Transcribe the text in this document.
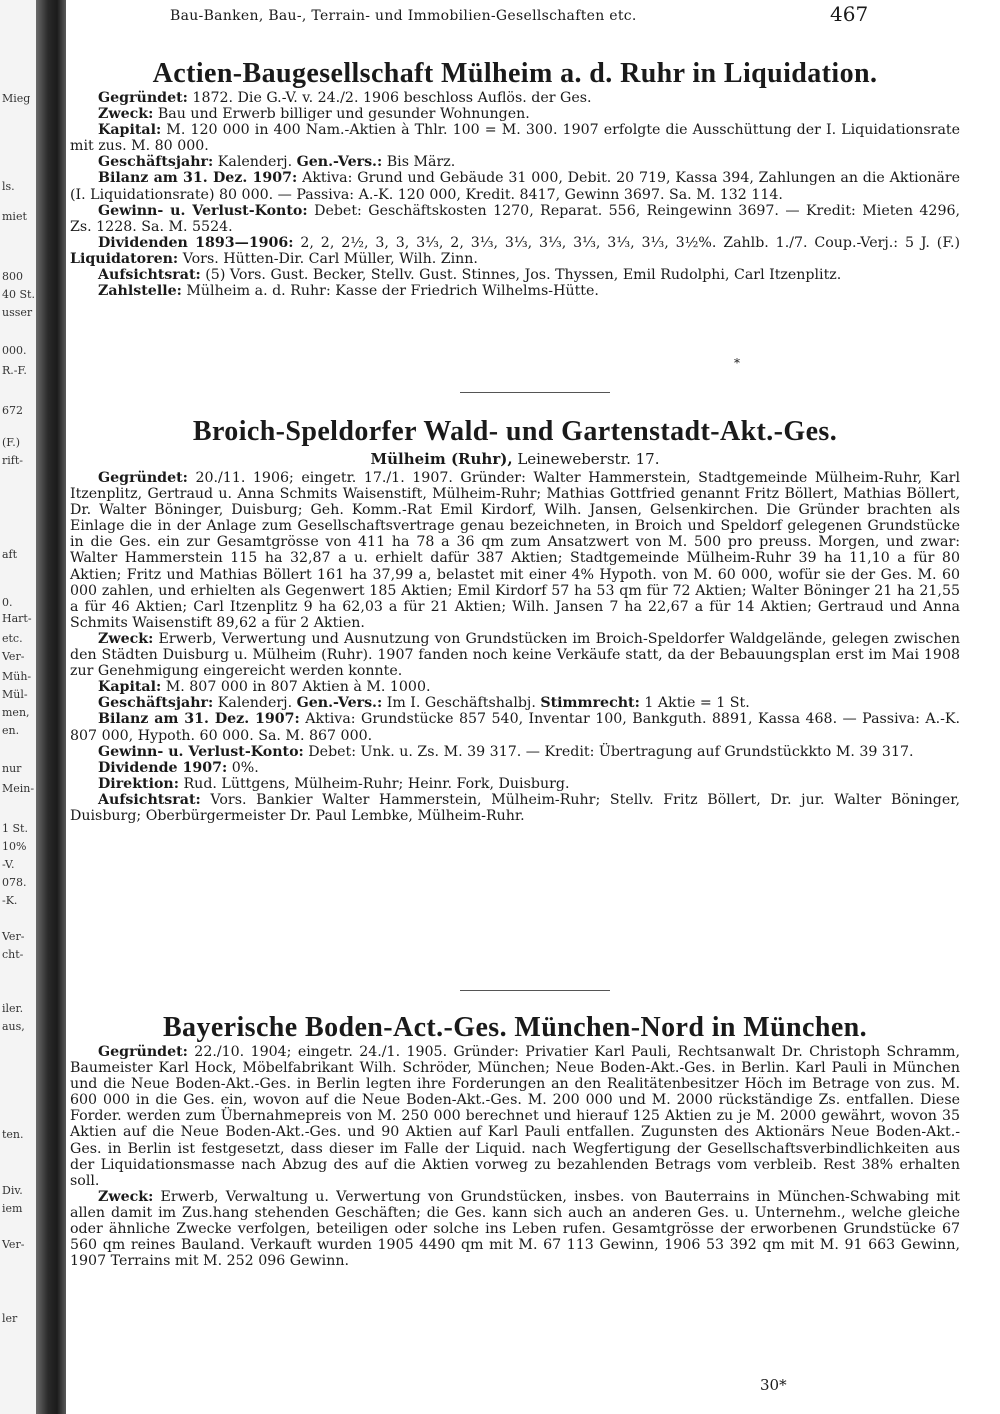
Mieg
ls.
miet
800
40 St.
usser
000.
R.-F.
672
(F.)
rift-
aft
0.
Hart-
etc.
Ver-
Müh-
Mül-
men,
en.
nur
Mein-
1 St.
10%
-V.
078.
-K.
Ver-
cht-
iler.
aus,
ten.
Div.
iem
Ver-
ler
Bau-Banken, Bau-, Terrain- und Immobilien-Gesellschaften etc.	467
Actien-Baugesellschaft Mülheim a. d. Ruhr in Liquidation.

Gegründet: 1872. Die G.-V. v. 24./2. 1906 beschloss Auflös. der Ges.

Zweck: Bau und Erwerb billiger und gesunder Wohnungen.

Kapital: M. 120 000 in 400 Nam.-Aktien à Thlr. 100 = M. 300. 1907 erfolgte die Ausschüttung der I. Liquidationsrate mit zus. M. 80 000.

Geschäftsjahr: Kalenderj. Gen.-Vers.: Bis März.

Bilanz am 31. Dez. 1907: Aktiva: Grund und Gebäude 31 000, Debit. 20 719, Kassa 394, Zahlungen an die Aktionäre (I. Liquidationsrate) 80 000. — Passiva: A.-K. 120 000, Kredit. 8417, Gewinn 3697. Sa. M. 132 114.

Gewinn- u. Verlust-Konto: Debet: Geschäftskosten 1270, Reparat. 556, Reingewinn 3697. — Kredit: Mieten 4296, Zs. 1228. Sa. M. 5524.

Dividenden 1893—1906: 2, 2, 2½, 3, 3, 3⅓, 2, 3⅓, 3⅓, 3⅓, 3⅓, 3⅓, 3⅓, 3½%. Zahlb. 1./7. Coup.-Verj.: 5 J. (F.) Liquidatoren: Vors. Hütten-Dir. Carl Müller, Wilh. Zinn.

Aufsichtsrat: (5) Vors. Gust. Becker, Stellv. Gust. Stinnes, Jos. Thyssen, Emil Rudolphi, Carl Itzenplitz.

Zahlstelle: Mülheim a. d. Ruhr: Kasse der Friedrich Wilhelms-Hütte.

*
Broich-Speldorfer Wald- und Gartenstadt-Akt.-Ges.
Mülheim (Ruhr), Leineweberstr. 17.

Gegründet: 20./11. 1906; eingetr. 17./1. 1907. Gründer: Walter Hammerstein, Stadtgemeinde Mülheim-Ruhr, Karl Itzenplitz, Gertraud u. Anna Schmits Waisenstift, Mülheim-Ruhr; Mathias Gottfried genannt Fritz Böllert, Mathias Böllert, Dr. Walter Böninger, Duisburg; Geh. Komm.-Rat Emil Kirdorf, Wilh. Jansen, Gelsenkirchen. Die Gründer brachten als Einlage die in der Anlage zum Gesellschaftsvertrage genau bezeichneten, in Broich und Speldorf gelegenen Grundstücke in die Ges. ein zur Gesamtgrösse von 411 ha 78 a 36 qm zum Ansatzwert von M. 500 pro preuss. Morgen, und zwar: Walter Hammerstein 115 ha 32,87 a u. erhielt dafür 387 Aktien; Stadtgemeinde Mülheim-Ruhr 39 ha 11,10 a für 80 Aktien; Fritz und Mathias Böllert 161 ha 37,99 a, belastet mit einer 4% Hypoth. von M. 60 000, wofür sie der Ges. M. 60 000 zahlen, und erhielten als Gegenwert 185 Aktien; Emil Kirdorf 57 ha 53 qm für 72 Aktien; Walter Böninger 21 ha 21,55 a für 46 Aktien; Carl Itzenplitz 9 ha 62,03 a für 21 Aktien; Wilh. Jansen 7 ha 22,67 a für 14 Aktien; Gertraud und Anna Schmits Waisenstift 89,62 a für 2 Aktien.

Zweck: Erwerb, Verwertung und Ausnutzung von Grundstücken im Broich-Speldorfer Waldgelände, gelegen zwischen den Städten Duisburg u. Mülheim (Ruhr). 1907 fanden noch keine Verkäufe statt, da der Bebauungsplan erst im Mai 1908 zur Genehmigung eingereicht werden konnte.

Kapital: M. 807 000 in 807 Aktien à M. 1000.

Geschäftsjahr: Kalenderj. Gen.-Vers.: Im I. Geschäftshalbj. Stimmrecht: 1 Aktie = 1 St.

Bilanz am 31. Dez. 1907: Aktiva: Grundstücke 857 540, Inventar 100, Bankguth. 8891, Kassa 468. — Passiva: A.-K. 807 000, Hypoth. 60 000. Sa. M. 867 000.

Gewinn- u. Verlust-Konto: Debet: Unk. u. Zs. M. 39 317. — Kredit: Übertragung auf Grundstückkto M. 39 317.

Dividende 1907: 0%.

Direktion: Rud. Lüttgens, Mülheim-Ruhr; Heinr. Fork, Duisburg.

Aufsichtsrat: Vors. Bankier Walter Hammerstein, Mülheim-Ruhr; Stellv. Fritz Böllert, Dr. jur. Walter Böninger, Duisburg; Oberbürgermeister Dr. Paul Lembke, Mülheim-Ruhr.

Bayerische Boden-Act.-Ges. München-Nord in München.

Gegründet: 22./10. 1904; eingetr. 24./1. 1905. Gründer: Privatier Karl Pauli, Rechtsanwalt Dr. Christoph Schramm, Baumeister Karl Hock, Möbelfabrikant Wilh. Schröder, München; Neue Boden-Akt.-Ges. in Berlin. Karl Pauli in München und die Neue Boden-Akt.-Ges. in Berlin legten ihre Forderungen an den Realitätenbesitzer Höch im Betrage von zus. M. 600 000 in die Ges. ein, wovon auf die Neue Boden-Akt.-Ges. M. 200 000 und M. 2000 rückständige Zs. entfallen. Diese Forder. werden zum Übernahmepreis von M. 250 000 berechnet und hierauf 125 Aktien zu je M. 2000 gewährt, wovon 35 Aktien auf die Neue Boden-Akt.-Ges. und 90 Aktien auf Karl Pauli entfallen. Zugunsten des Aktionärs Neue Boden-Akt.-Ges. in Berlin ist festgesetzt, dass dieser im Falle der Liquid. nach Wegfertigung der Gesellschaftsverbindlichkeiten aus der Liquidationsmasse nach Abzug des auf die Aktien vorweg zu bezahlenden Betrags vom verbleib. Rest 38% erhalten soll.

Zweck: Erwerb, Verwaltung u. Verwertung von Grundstücken, insbes. von Bauterrains in München-Schwabing mit allen damit im Zus.hang stehenden Geschäften; die Ges. kann sich auch an anderen Ges. u. Unternehm., welche gleiche oder ähnliche Zwecke verfolgen, beteiligen oder solche ins Leben rufen. Gesamtgrösse der erworbenen Grundstücke 67 560 qm reines Bauland. Verkauft wurden 1905 4490 qm mit M. 67 113 Gewinn, 1906 53 392 qm mit M. 91 663 Gewinn, 1907 Terrains mit M. 252 096 Gewinn.

30*
